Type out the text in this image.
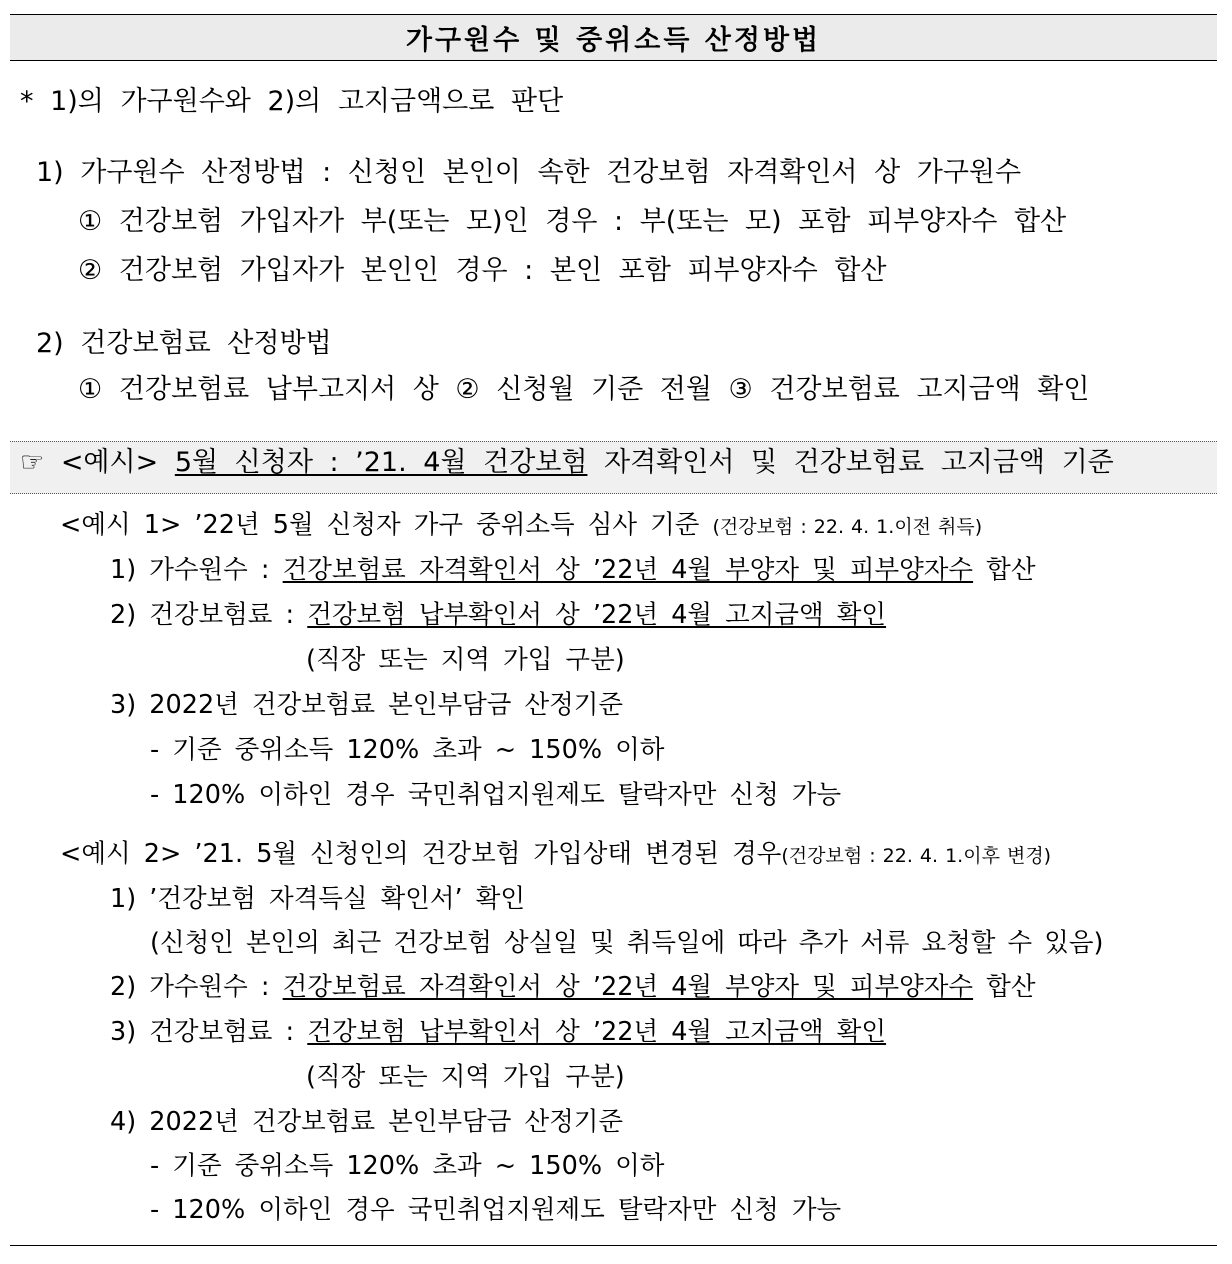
가구원수 및 중위소득 산정방법
* 1)의 가구원수와 2)의 고지금액으로 판단
1) 가구원수 산정방법 : 신청인 본인이 속한 건강보험 자격확인서 상 가구원수
① 건강보험 가입자가 부(또는 모)인 경우 : 부(또는 모) 포함 피부양자수 합산
② 건강보험 가입자가 본인인 경우 : 본인 포함 피부양자수 합산
2) 건강보험료 산정방법
① 건강보험료 납부고지서 상 ② 신청월 기준 전월 ③ 건강보험료 고지금액 확인
☞ <예시> 5월 신청자 : ’21. 4월 건강보험 자격확인서 및 건강보험료 고지금액 기준
<예시 1> ’22년 5월 신청자 가구 중위소득 심사 기준 (건강보험 : 22. 4. 1.이전 취득)
1) 가수원수 : 건강보험료 자격확인서 상 ’22년 4월 부양자 및 피부양자수 합산
2) 건강보험료 : 건강보험 납부확인서 상 ’22년 4월 고지금액 확인
(직장 또는 지역 가입 구분)
3) 2022년 건강보험료 본인부담금 산정기준
- 기준 중위소득 120% 초과 ~ 150% 이하
- 120% 이하인 경우 국민취업지원제도 탈락자만 신청 가능
<예시 2> ’21. 5월 신청인의 건강보험 가입상태 변경된 경우(건강보험 : 22. 4. 1.이후 변경)
1) ’건강보험 자격득실 확인서’ 확인
(신청인 본인의 최근 건강보험 상실일 및 취득일에 따라 추가 서류 요청할 수 있음)
2) 가수원수 : 건강보험료 자격확인서 상 ’22년 4월 부양자 및 피부양자수 합산
3) 건강보험료 : 건강보험 납부확인서 상 ’22년 4월 고지금액 확인
(직장 또는 지역 가입 구분)
4) 2022년 건강보험료 본인부담금 산정기준
- 기준 중위소득 120% 초과 ~ 150% 이하
- 120% 이하인 경우 국민취업지원제도 탈락자만 신청 가능
